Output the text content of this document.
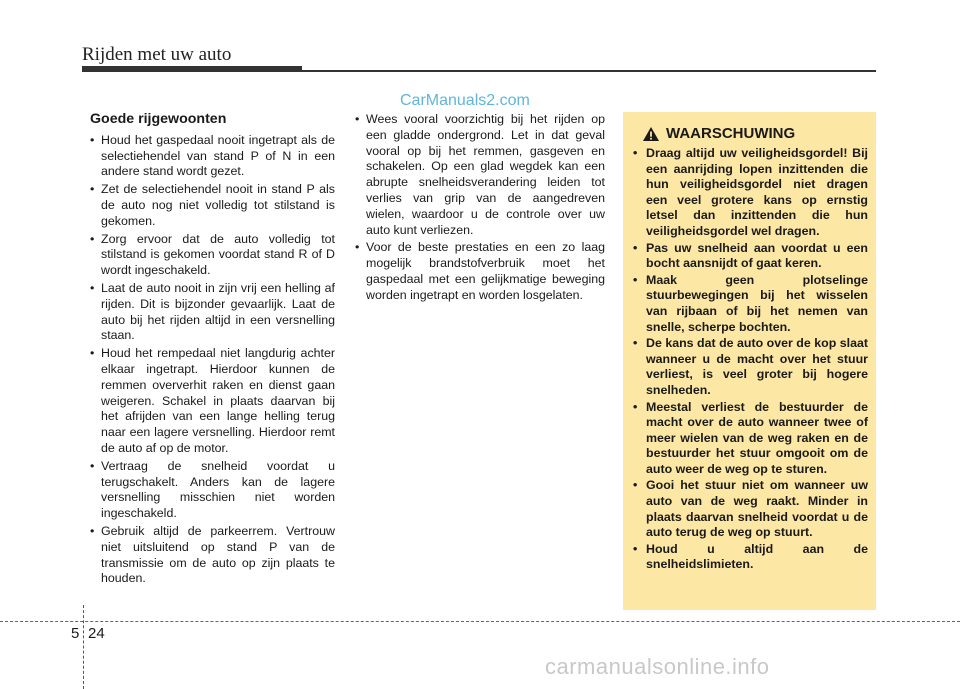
Rijden met uw auto
CarManuals2.com
Goede rijgewoonten
• Houd het gaspedaal nooit ingetrapt als de selectiehendel van stand P of N in een andere stand wordt gezet.
• Zet de selectiehendel nooit in stand P als de auto nog niet volledig tot stilstand is gekomen.
• Zorg ervoor dat de auto volledig tot stilstand is gekomen voordat stand R of D wordt ingeschakeld.
• Laat de auto nooit in zijn vrij een helling af rijden. Dit is bijzonder gevaarlijk. Laat de auto bij het rijden altijd in een versnelling staan.
• Houd het rempedaal niet langdurig achter elkaar ingetrapt. Hierdoor kunnen de remmen oververhit raken en dienst gaan weigeren. Schakel in plaats daarvan bij het afrijden van een lange helling terug naar een lagere versnelling. Hierdoor remt de auto af op de motor.
• Vertraag de snelheid voordat u terugschakelt. Anders kan de lagere versnelling misschien niet worden ingeschakeld.
• Gebruik altijd de parkeerrem. Vertrouw niet uitsluitend op stand P van de transmissie om de auto op zijn plaats te houden.
• Wees vooral voorzichtig bij het rijden op een gladde ondergrond. Let in dat geval vooral op bij het remmen, gasgeven en schakelen. Op een glad wegdek kan een abrupte snelheidsverandering leiden tot verlies van grip van de aangedreven wielen, waardoor u de controle over uw auto kunt verliezen.
• Voor de beste prestaties en een zo laag mogelijk brandstofverbruik moet het gaspedaal met een gelijkmatige beweging worden ingetrapt en worden losgelaten.
WAARSCHUWING
• Draag altijd uw veiligheidsgordel! Bij een aanrijding lopen inzittenden die hun veiligheidsgordel niet dragen een veel grotere kans op ernstig letsel dan inzittenden die hun veiligheidsgordel wel dragen.
• Pas uw snelheid aan voordat u een bocht aansnijdt of gaat keren.
• Maak geen plotselinge stuurbewegingen bij het wisselen van rijbaan of bij het nemen van snelle, scherpe bochten.
• De kans dat de auto over de kop slaat wanneer u de macht over het stuur verliest, is veel groter bij hogere snelheden.
• Meestal verliest de bestuurder de macht over de auto wanneer twee of meer wielen van de weg raken en de bestuurder het stuur omgooit om de auto weer de weg op te sturen.
• Gooi het stuur niet om wanneer uw auto van de weg raakt. Minder in plaats daarvan snelheid voordat u de auto terug de weg op stuurt.
• Houd u altijd aan de snelheidslimieten.
5 24
carmanualsonline.info
